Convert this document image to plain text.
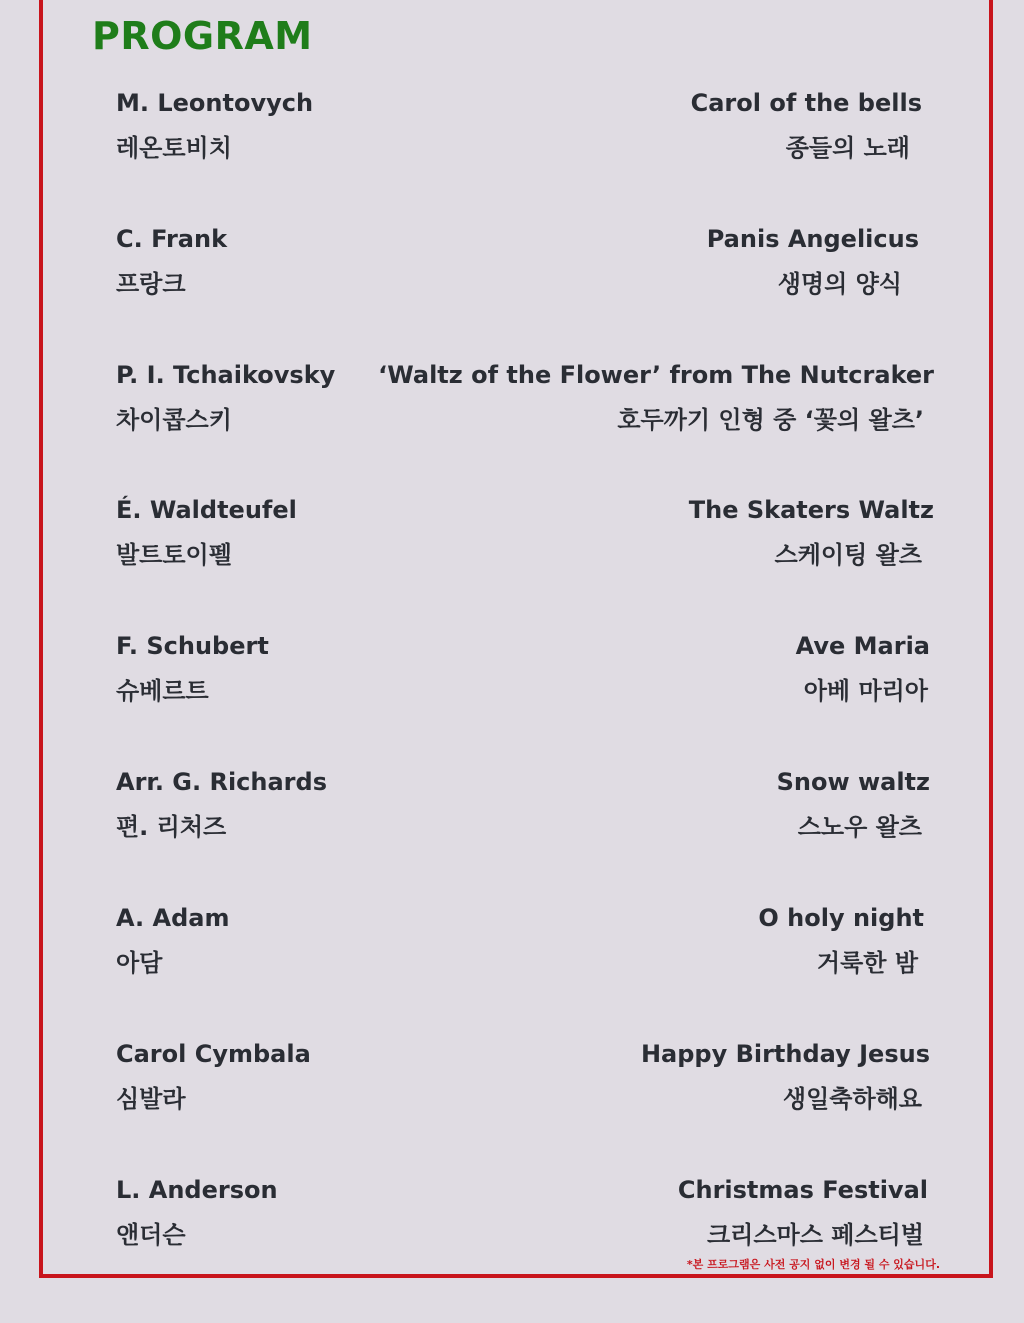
PROGRAM
M. Leontovych
레온토비치
Carol of the bells
종들의 노래
C. Frank
프랑크
Panis Angelicus
생명의 양식
P. I. Tchaikovsky
차이콥스키
‘Waltz of the Flower’ from The Nutcraker
호두까기 인형 중 ‘꽃의 왈츠’
É. Waldteufel
발트토이펠
The Skaters Waltz
스케이팅 왈츠
F. Schubert
슈베르트
Ave Maria
아베 마리아
Arr. G. Richards
편. 리처즈
Snow waltz
스노우 왈츠
A. Adam
아담
O holy night
거룩한 밤
Carol Cymbala
심발라
Happy Birthday Jesus
생일축하해요
L. Anderson
앤더슨
Christmas Festival
크리스마스 페스티벌
*본 프로그램은 사전 공지 없이 변경 될 수 있습니다.
